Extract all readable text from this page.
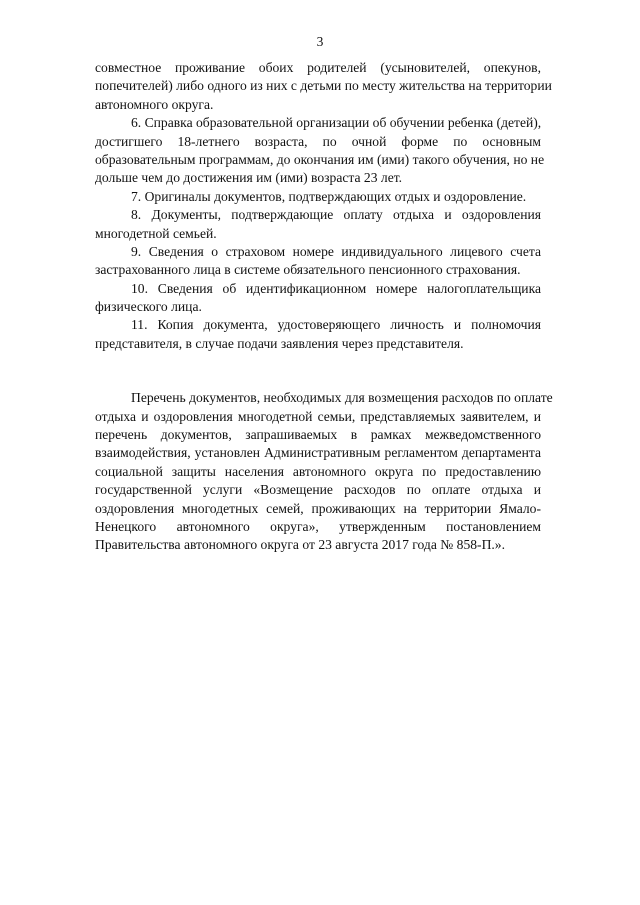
3
совместное проживание обоих родителей (усыновителей, опекунов,
попечителей) либо одного из них с детьми по месту жительства на территории
автономного округа.
6. Справка образовательной организации об обучении ребенка (детей),
достигшего 18-летнего возраста, по очной форме по основным
образовательным программам, до окончания им (ими) такого обучения, но не
дольше чем до достижения им (ими) возраста 23 лет.
7. Оригиналы документов, подтверждающих отдых и оздоровление.
8. Документы, подтверждающие оплату отдыха и оздоровления
многодетной семьей.
9. Сведения о страховом номере индивидуального лицевого счета
застрахованного лица в системе обязательного пенсионного страхования.
10. Сведения об идентификационном номере налогоплательщика
физического лица.
11. Копия документа, удостоверяющего личность и полномочия
представителя, в случае подачи заявления через представителя.
Перечень документов, необходимых для возмещения расходов по оплате
отдыха и оздоровления многодетной семьи, представляемых заявителем, и
перечень документов, запрашиваемых в рамках межведомственного
взаимодействия, установлен Административным регламентом департамента
социальной защиты населения автономного округа по предоставлению
государственной услуги «Возмещение расходов по оплате отдыха и
оздоровления многодетных семей, проживающих на территории Ямало-
Ненецкого автономного округа», утвержденным постановлением
Правительства автономного округа от 23 августа 2017 года № 858-П.».
